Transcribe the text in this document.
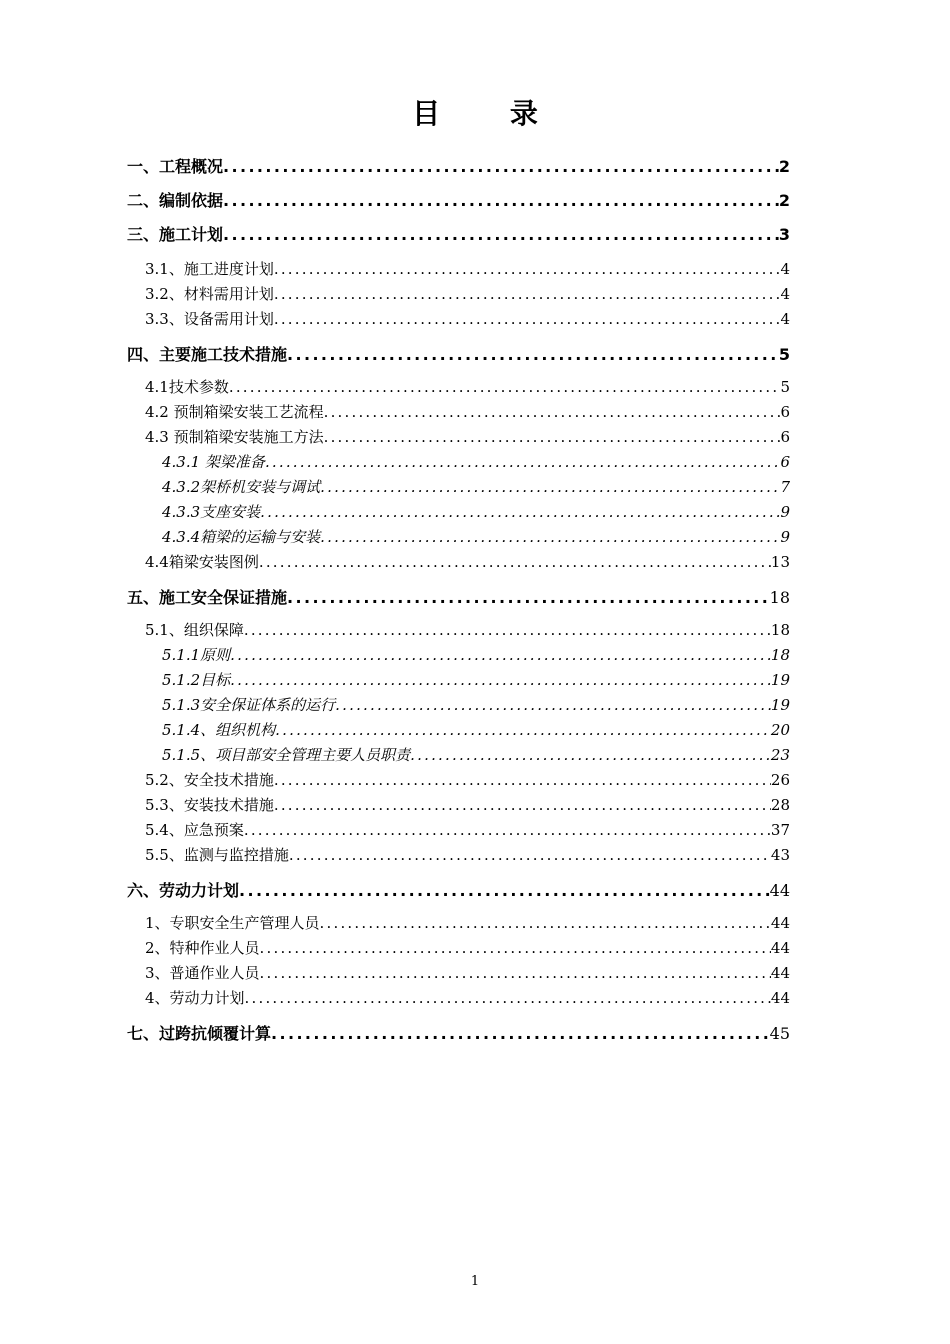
目 录
一、工程概况 .....	2
二、编制依据 .....	2
三、施工计划 .....	3
3.1、施工进度计划 .....	4
3.2、材料需用计划 .....	4
3.3、设备需用计划 .....	4
四、主要施工技术措施 .....	5
4.1技术参数 .....	5
4.2 预制箱梁安装工艺流程 .....	6
4.3 预制箱梁安装施工方法 .....	6
4.3.1 架梁准备 .....	6
4.3.2架桥机安装与调试 .....	7
4.3.3支座安装 .....	9
4.3.4箱梁的运输与安装 .....	9
4.4箱梁安装图例 .....	13
五、施工安全保证措施 .....	18
5.1、组织保障 .....	18
5.1.1原则 .....	18
5.1.2目标 .....	19
5.1.3安全保证体系的运行 .....	19
5.1.4、组织机构 .....	20
5.1.5、项目部安全管理主要人员职责 .....	23
5.2、安全技术措施 .....	26
5.3、安装技术措施 .....	28
5.4、应急预案 .....	37
5.5、监测与监控措施 .....	43
六、劳动力计划 .....	44
1、专职安全生产管理人员 .....	44
2、特种作业人员 .....	44
3、普通作业人员 .....	44
4、劳动力计划 .....	44
七、过跨抗倾覆计算 .....	45
1
